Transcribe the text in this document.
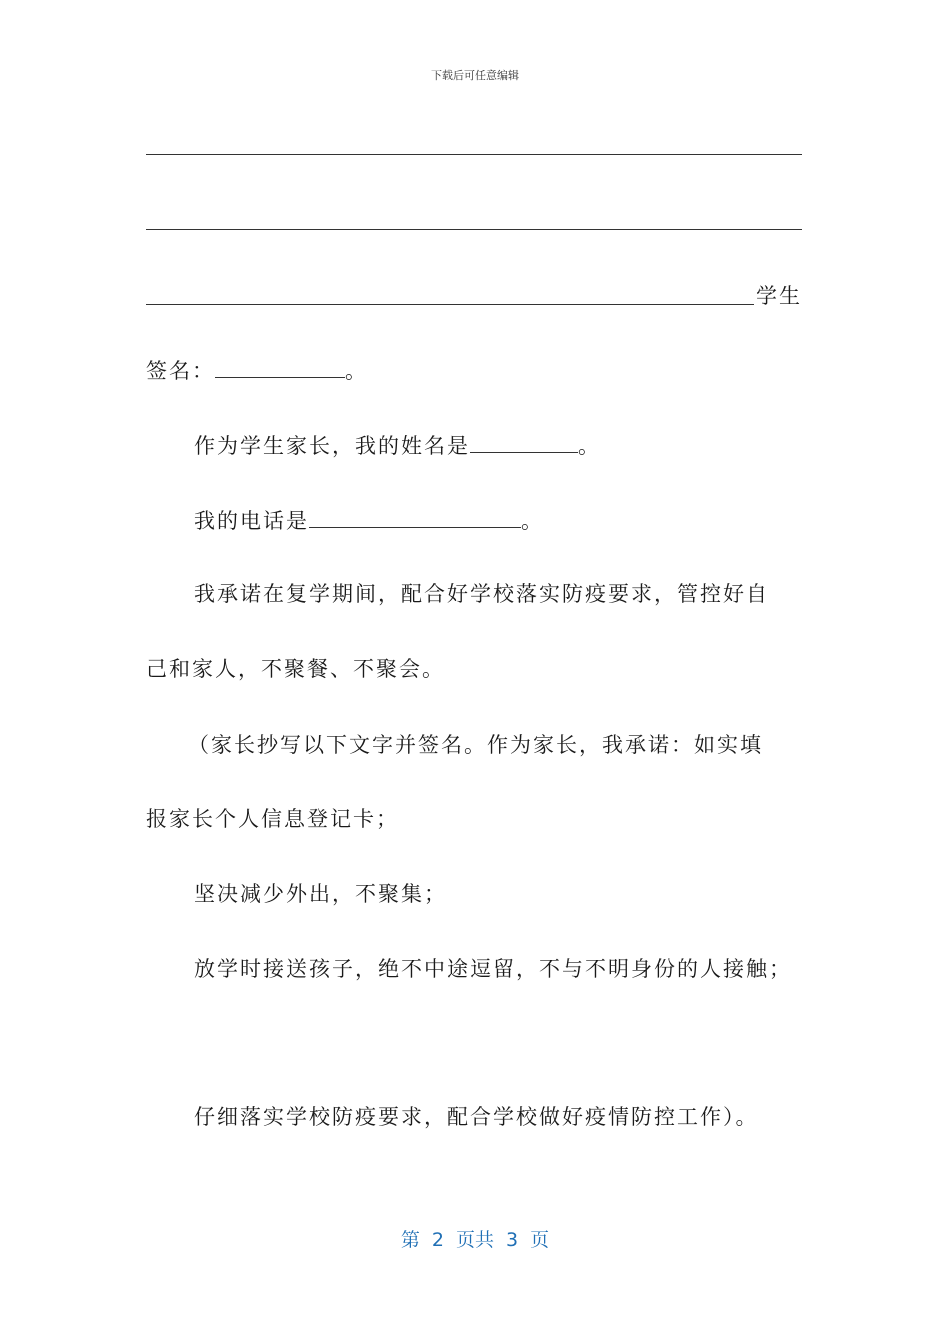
下载后可任意编辑
学生
签名：	。
作为学生家长，我的姓名是	。
我的电话是	。
我承诺在复学期间，配合好学校落实防疫要求，管控好自
己和家人，不聚餐、不聚会。
（家长抄写以下文字并签名。作为家长，我承诺：如实填
报家长个人信息登记卡；
坚决减少外出，不聚集；
放学时接送孩子，绝不中途逗留，不与不明身份的人接触；
仔细落实学校防疫要求，配合学校做好疫情防控工作）。
第 2 页共 3 页
